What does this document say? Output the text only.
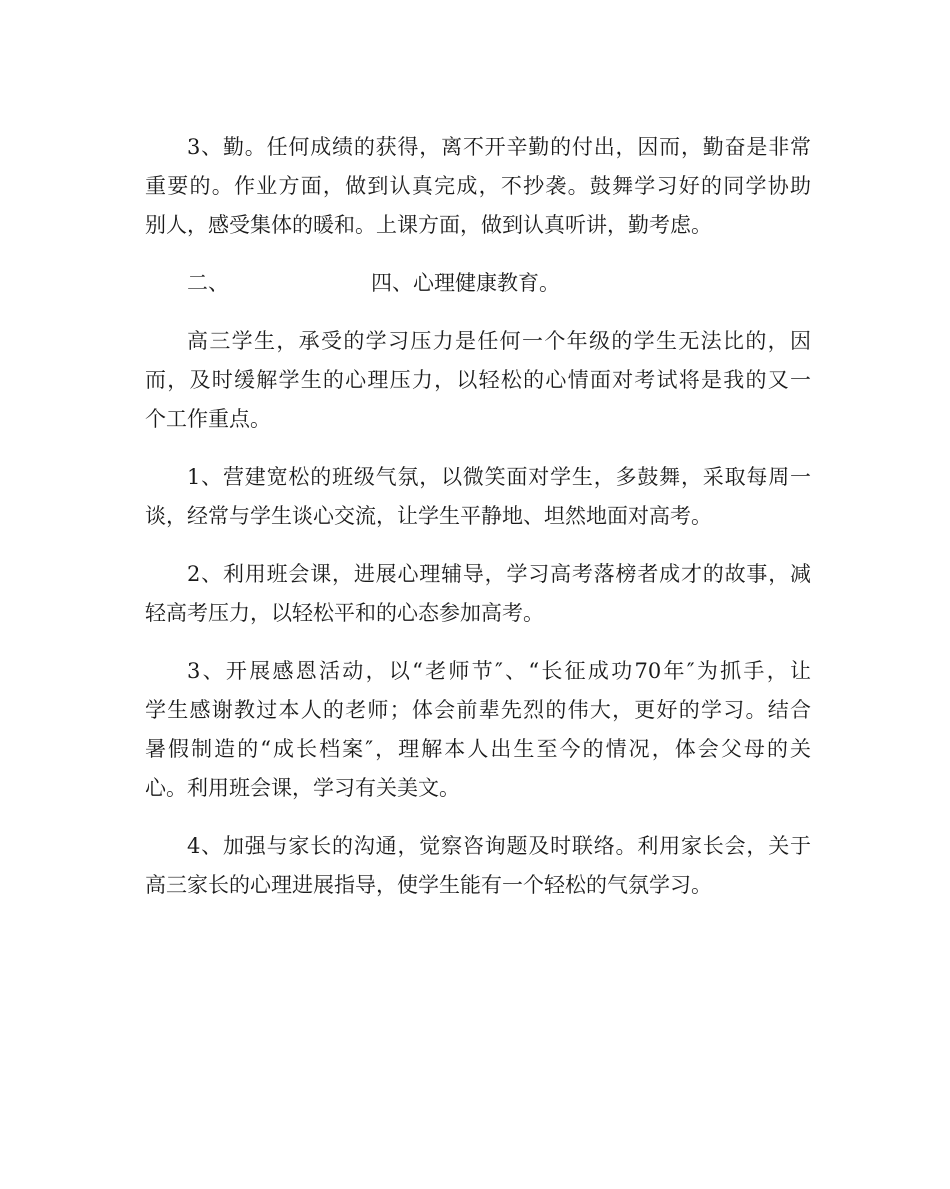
3、勤。任何成绩的获得，离不开辛勤的付出，因而，勤奋是非常
重要的。作业方面，做到认真完成，不抄袭。鼓舞学习好的同学协助
别人，感受集体的暖和。上课方面，做到认真听讲，勤考虑。
二、	四、心理健康教育。
高三学生，承受的学习压力是任何一个年级的学生无法比的，因
而，及时缓解学生的心理压力，以轻松的心情面对考试将是我的又一
个工作重点。
1、营建宽松的班级气氛，以微笑面对学生，多鼓舞，采取每周一
谈，经常与学生谈心交流，让学生平静地、坦然地面对高考。
2、利用班会课，进展心理辅导，学习高考落榜者成才的故事，减
轻高考压力，以轻松平和的心态参加高考。
3、开展感恩活动，以“老师节″、“长征成功70年″为抓手，让
学生感谢教过本人的老师；体会前辈先烈的伟大，更好的学习。结合
暑假制造的“成长档案″，理解本人出生至今的情况，体会父母的关
心。利用班会课，学习有关美文。
4、加强与家长的沟通，觉察咨询题及时联络。利用家长会，关于
高三家长的心理进展指导，使学生能有一个轻松的气氛学习。
